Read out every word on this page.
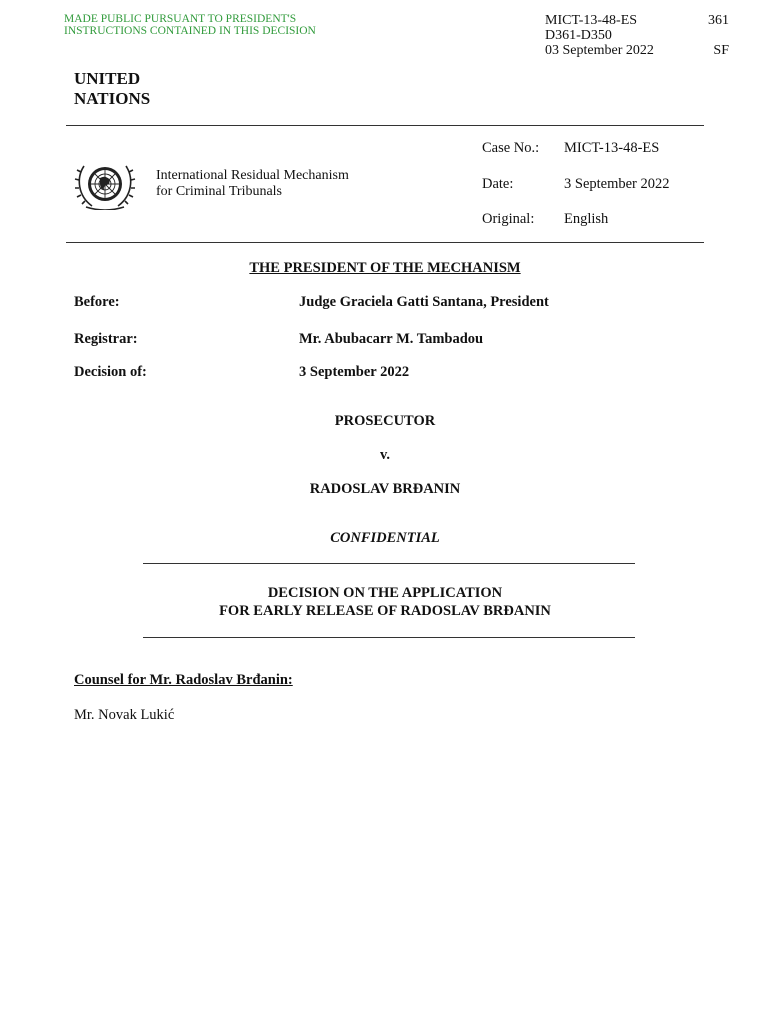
MADE PUBLIC PURSUANT TO PRESIDENT'S
INSTRUCTIONS CONTAINED IN THIS DECISION
MICT-13-48-ES	361
D361-D350
03 September 2022	SF
UNITED
NATIONS
International Residual Mechanism
for Criminal Tribunals
Case No.: MICT-13-48-ES
Date:	3 September 2022
Original: English
THE PRESIDENT OF THE MECHANISM
Before:	Judge Graciela Gatti Santana, President
Registrar:	Mr. Abubacarr M. Tambadou
Decision of:	3 September 2022
PROSECUTOR
v.
RADOSLAV BRĐANIN
CONFIDENTIAL
DECISION ON THE APPLICATION
FOR EARLY RELEASE OF RADOSLAV BRĐANIN
Counsel for Mr. Radoslav Brđanin:
Mr. Novak Lukić
